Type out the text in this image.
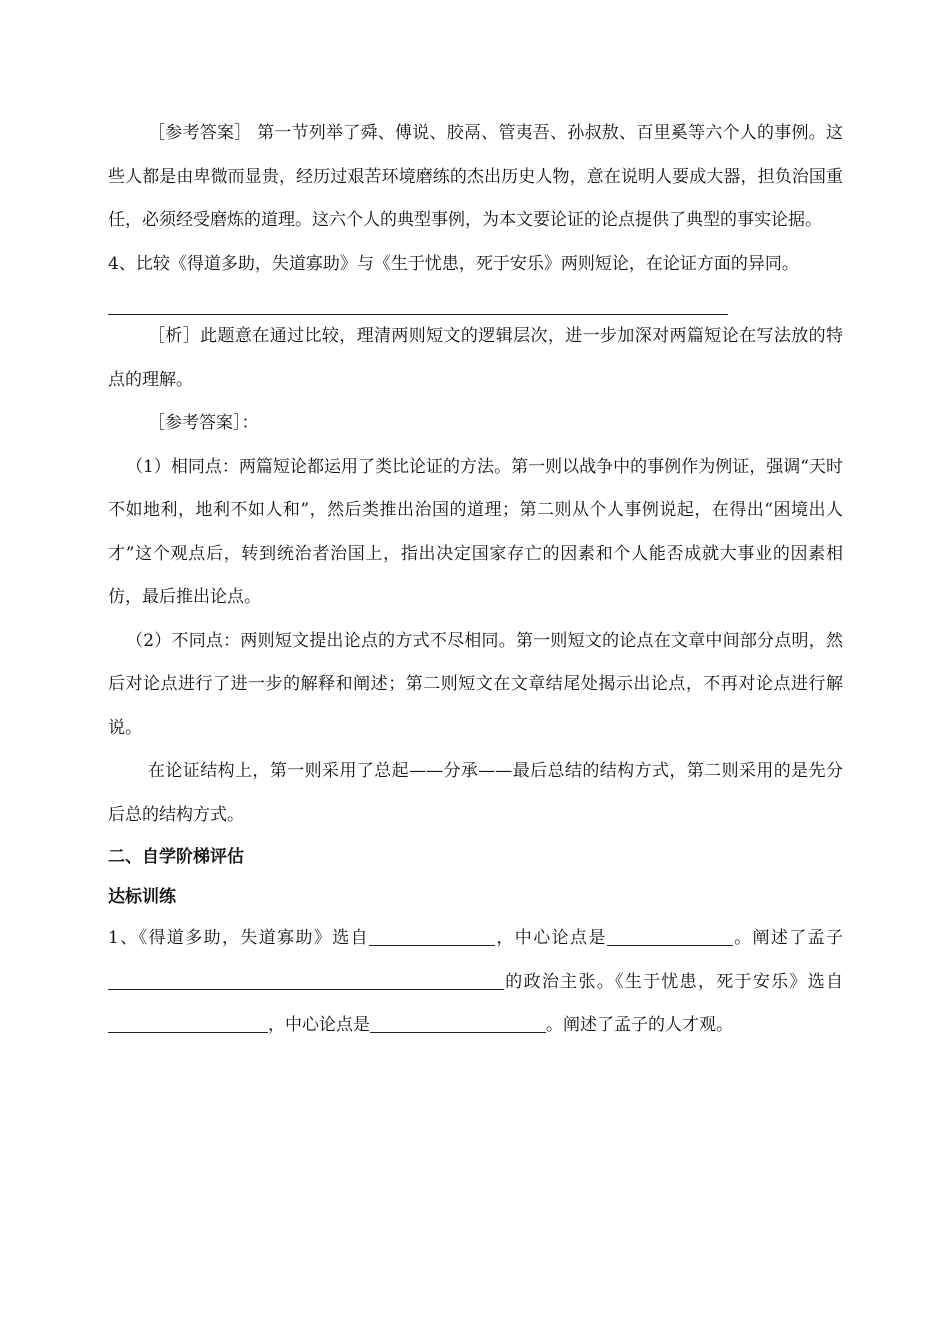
［参考答案］ 第一节列举了舜、傅说、胶鬲、管夷吾、孙叔敖、百里奚等六个人的事例。这些人都是由卑微而显贵，经历过艰苦环境磨练的杰出历史人物，意在说明人要成大器，担负治国重任，必须经受磨炼的道理。这六个人的典型事例，为本文要论证的论点提供了典型的事实论据。

4、比较《得道多助，失道寡助》与《生于忧患，死于安乐》两则短论，在论证方面的异同。

［析］此题意在通过比较，理清两则短文的逻辑层次，进一步加深对两篇短论在写法放的特点的理解。

［参考答案］：

（1）相同点：两篇短论都运用了类比论证的方法。第一则以战争中的事例作为例证，强调“天时不如地利，地利不如人和”，然后类推出治国的道理；第二则从个人事例说起，在得出“困境出人才”这个观点后，转到统治者治国上，指出决定国家存亡的因素和个人能否成就大事业的因素相仿，最后推出论点。

（2）不同点：两则短文提出论点的方式不尽相同。第一则短文的论点在文章中间部分点明，然后对论点进行了进一步的解释和阐述；第二则短文在文章结尾处揭示出论点，不再对论点进行解说。

在论证结构上，第一则采用了总起——分承——最后总结的结构方式，第二则采用的是先分后总的结构方式。

二、自学阶梯评估
达标训练

1、《得道多助，失道寡助》选自	，中心论点是	。阐述了孟子的政治主张。《生于忧患，死于安乐》选自，中心论点是	。阐述了孟子的人才观。
